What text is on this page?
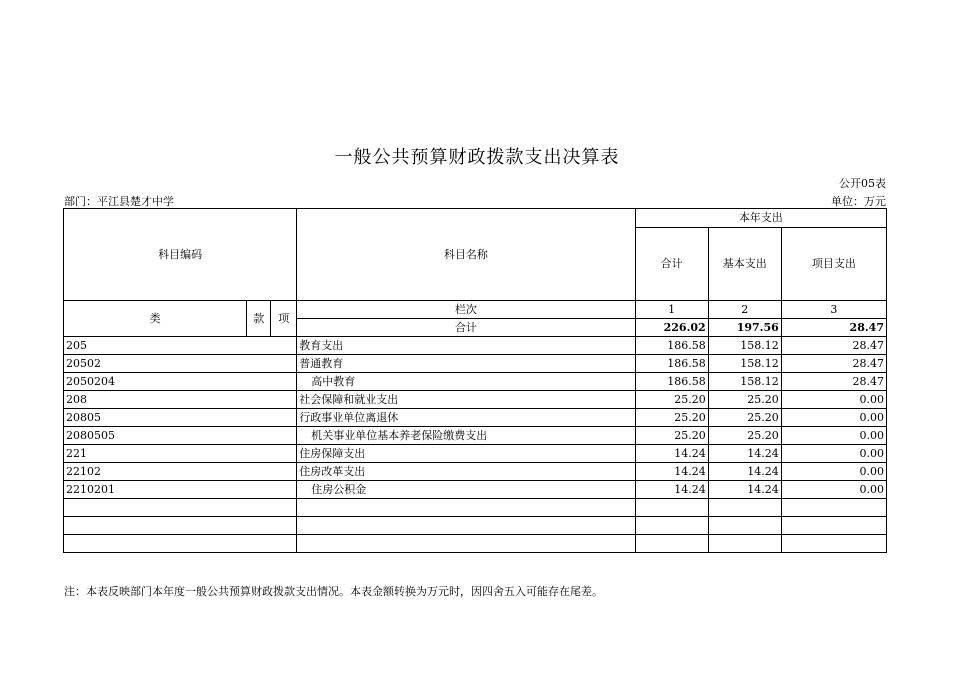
一般公共预算财政拨款支出决算表
公开05表
部门：平江县楚才中学	单位：万元
科目编码			科目名称	本年支出		
				合计	基本支出	项目支出

类	款	项	栏次	1	2	3
			合计	226.02	197.56	28.47
205			教育支出	186.58	158.12	28.47
20502			普通教育	186.58	158.12	28.47
2050204			高中教育	186.58	158.12	28.47
208			社会保障和就业支出	25.20	25.20	0.00
20805			行政事业单位离退休	25.20	25.20	0.00
2080505			机关事业单位基本养老保险缴费支出	25.20	25.20	0.00
221			住房保障支出	14.24	14.24	0.00
22102			住房改革支出	14.24	14.24	0.00
2210201			住房公积金	14.24	14.24	0.00

注：本表反映部门本年度一般公共预算财政拨款支出情况。本表金额转换为万元时，因四舍五入可能存在尾差。
